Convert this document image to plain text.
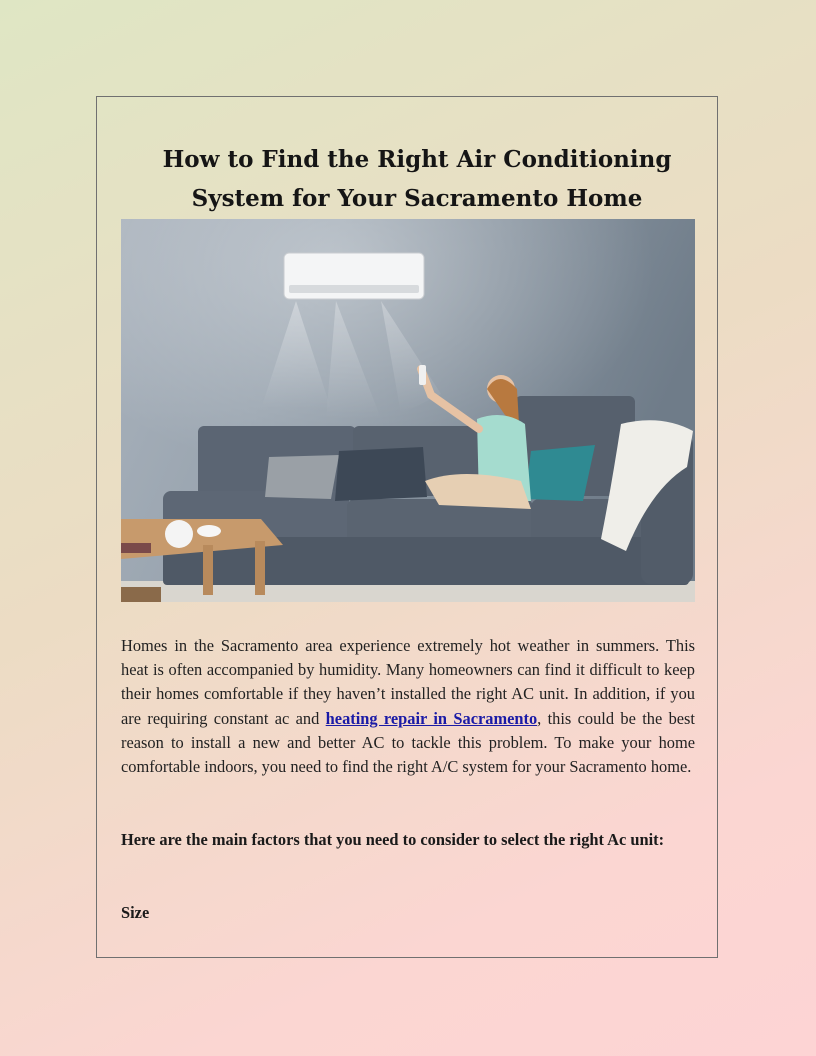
How to Find the Right Air Conditioning System for Your Sacramento Home

Homes in the Sacramento area experience extremely hot weather in summers. This heat is often accompanied by humidity. Many homeowners can find it difficult to keep their homes comfortable if they haven’t installed the right AC unit. In addition, if you are requiring constant ac and heating repair in Sacramento, this could be the best reason to install a new and better AC to tackle this problem. To make your home comfortable indoors, you need to find the right A/C system for your Sacramento home.

Here are the main factors that you need to consider to select the right Ac unit:

Size
